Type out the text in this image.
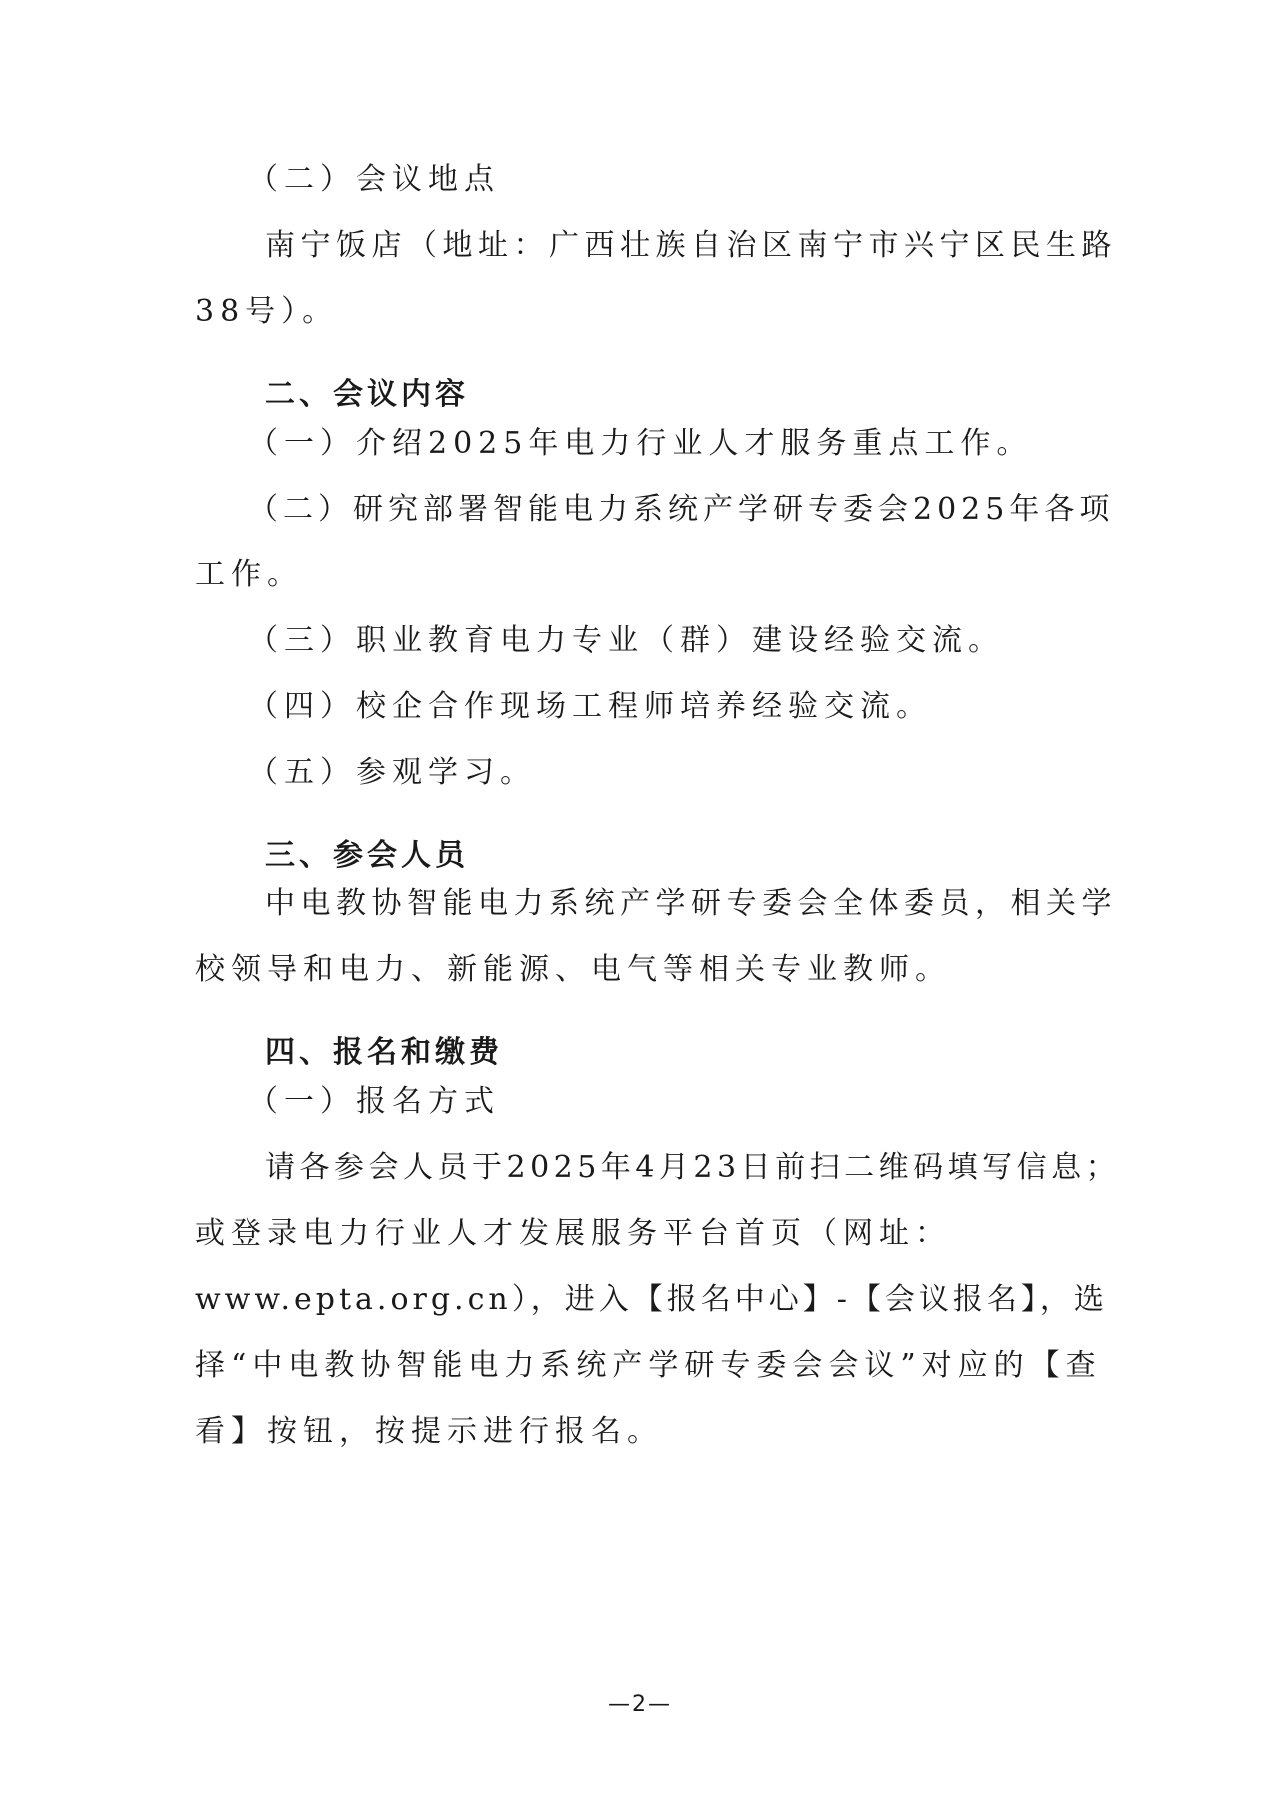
（二）会议地点
南宁饭店（地址：广西壮族自治区南宁市兴宁区民生路
38号）。
二、会议内容
（一）介绍2025年电力行业人才服务重点工作。
（二）研究部署智能电力系统产学研专委会2025年各项
工作。
（三）职业教育电力专业（群）建设经验交流。
（四）校企合作现场工程师培养经验交流。
（五）参观学习。
三、参会人员
中电教协智能电力系统产学研专委会全体委员，相关学
校领导和电力、新能源、电气等相关专业教师。
四、报名和缴费
（一）报名方式
请各参会人员于2025年4月23日前扫二维码填写信息；
或登录电力行业人才发展服务平台首页（网址：
www.epta.org.cn），进入【报名中心】-【会议报名】，选
择“中电教协智能电力系统产学研专委会会议”对应的【查
看】按钮，按提示进行报名。
—2—
